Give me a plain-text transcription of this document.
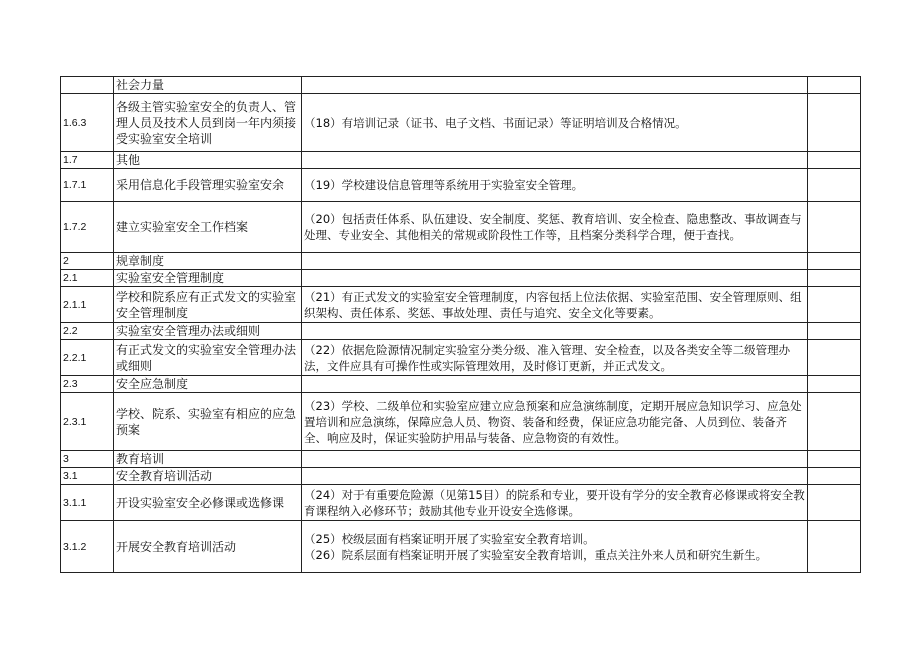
	社会力量		
1.6.3	各级主管实验室安全的负责人、管理人员及技术人员到岗一年内须接受实验室安全培训	（18）有培训记录（证书、电子文档、书面记录）等证明培训及合格情况。	

1.7	其他		
1.7.1	采用信息化手段管理实验室安余	（19）学校建设信息管理等系统用于实验室安全管理。	

1.7.2	建立实验室安全工作档案	（20）包括责任体系、队伍建设、安全制度、奖惩、教育培训、安全检查、隐患整改、事故调查与处理、专业安全、其他相关的常规或阶段性工作等，且档案分类科学合理，便于查找。	

2	规章制度		
2.1	实验室安全管理制度		
2.1.1	学校和院系应有正式发文的实验室安全管理制度	（21）有正式发文的实验室安全管理制度，内容包括上位法依据、实验室范围、安全管理原则、组织架构、责任体系、奖惩、事故处理、责任与追究、安全文化等要素。	

2.2	实验室安全管理办法或细则		
2.2.1	有正式发文的实验室安全管理办法或细则	（22）依据危险源情况制定实验室分类分级、准入管理、安全检查，以及各类安全等二级管理办法，文件应具有可操作性或实际管理效用，及时修订更新，并正式发文。	

2.3	安全应急制度		
2.3.1	学校、院系、实验室有相应的应急预案	（23）学校、二级单位和实验室应建立应急预案和应急演练制度，定期开展应急知识学习、应急处置培训和应急演练，保障应急人员、物资、装备和经费，保证应急功能完备、人员到位、装备齐全、响应及时，保证实验防护用品与装备、应急物资的有效性。	

3	教育培训		
3.1	安全教育培训活动		
3.1.1	开设实验室安全必修课或选修课	（24）对于有重要危险源（见第15目）的院系和专业，要开设有学分的安全教育必修课或将安全教育课程纳入必修环节；鼓励其他专业开设安全选修课。	

3.1.2	开展安全教育培训活动	（25）校级层面有档案证明开展了实验室安全教育培训。
（26）院系层面有档案证明开展了实验室安全教育培训，重点关注外来人员和研究生新生。	
